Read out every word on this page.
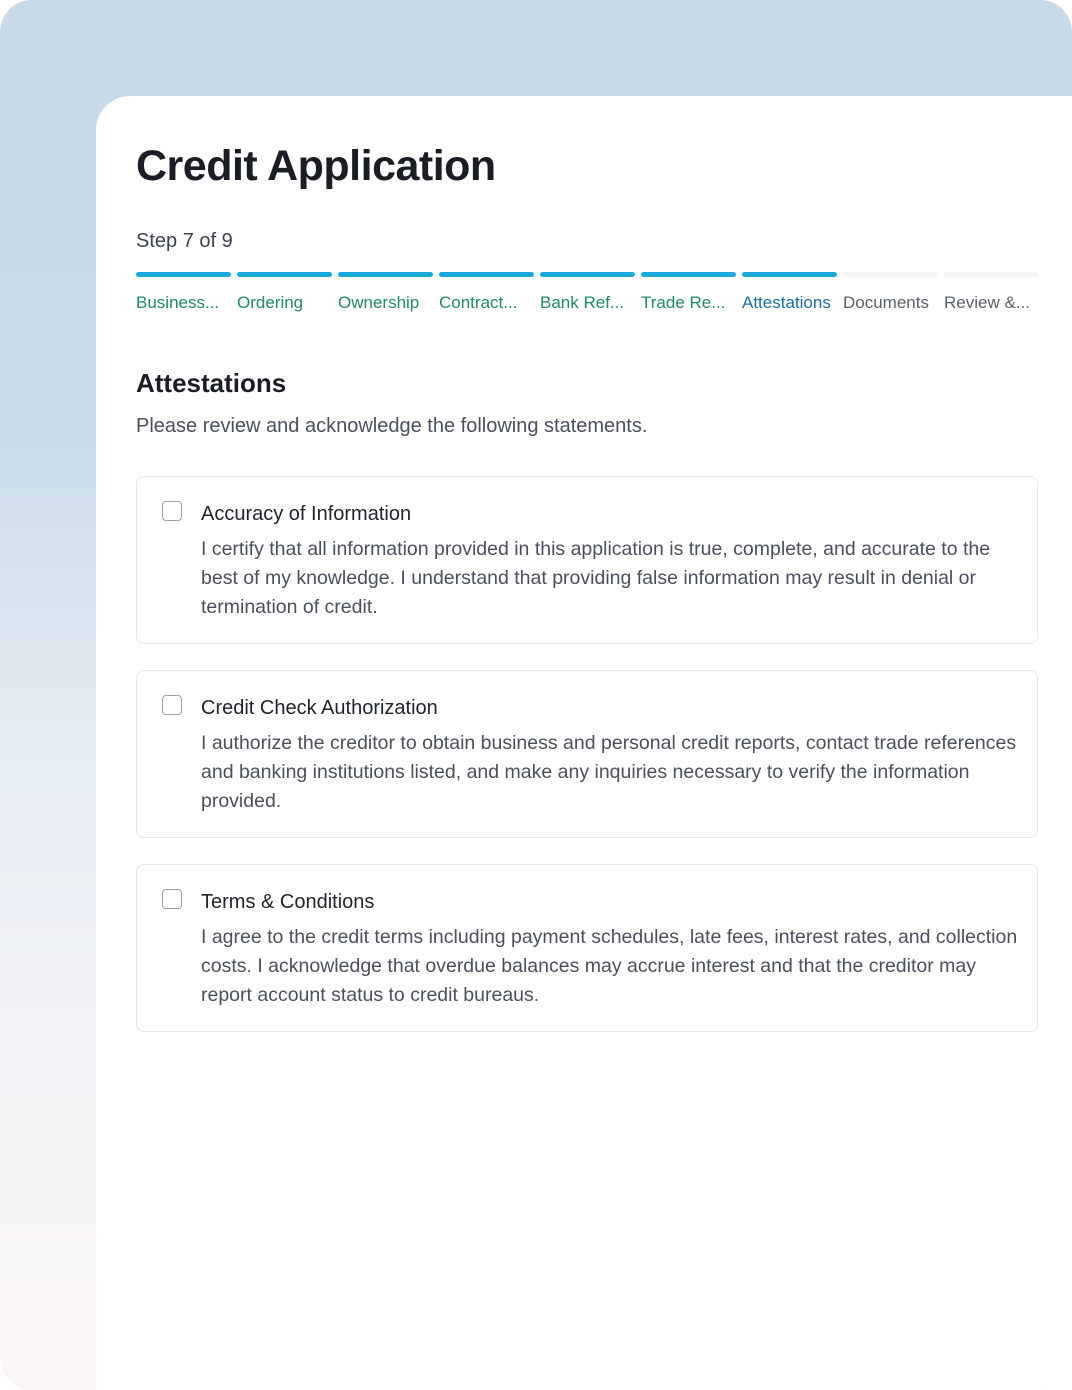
Credit Application
Step 7 of 9
Business...	Ordering	Ownership	Contract...	Bank Ref... Trade Re... Attestations Documents Review &...
Attestations
Please review and acknowledge the following statements.
Accuracy of Information
I certify that all information provided in this application is true, complete, and accurate to the best of my knowledge. I understand that providing false information may result in denial or termination of credit.
Credit Check Authorization
I authorize the creditor to obtain business and personal credit reports, contact trade references and banking institutions listed, and make any inquiries necessary to verify the information provided.
Terms & Conditions
I agree to the credit terms including payment schedules, late fees, interest rates, and collection costs. I acknowledge that overdue balances may accrue interest and that the creditor may report account status to credit bureaus.
